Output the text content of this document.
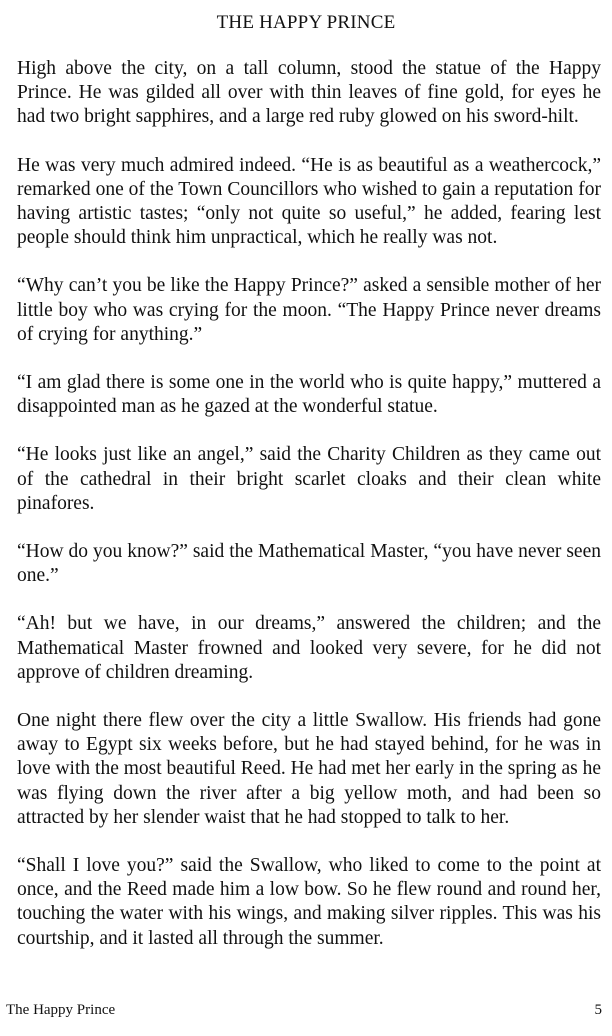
THE HAPPY PRINCE

High above the city, on a tall column, stood the statue of the Happy Prince. He was gilded all over with thin leaves of fine gold, for eyes he had two bright sapphires, and a large red ruby glowed on his sword-hilt.

He was very much admired indeed. “He is as beautiful as a weathercock,” remarked one of the Town Councillors who wished to gain a reputation for having artistic tastes; “only not quite so useful,” he added, fearing lest people should think him unpractical, which he really was not.

“Why can’t you be like the Happy Prince?” asked a sensible mother of her little boy who was crying for the moon. “The Happy Prince never dreams of crying for anything.”

“I am glad there is some one in the world who is quite happy,” muttered a disappointed man as he gazed at the wonderful statue.

“He looks just like an angel,” said the Charity Children as they came out of the cathedral in their bright scarlet cloaks and their clean white pinafores.

“How do you know?” said the Mathematical Master, “you have never seen one.”

“Ah! but we have, in our dreams,” answered the children; and the Mathematical Master frowned and looked very severe, for he did not approve of children dreaming.

One night there flew over the city a little Swallow. His friends had gone away to Egypt six weeks before, but he had stayed behind, for he was in love with the most beautiful Reed. He had met her early in the spring as he was flying down the river after a big yellow moth, and had been so attracted by her slender waist that he had stopped to talk to her.

“Shall I love you?” said the Swallow, who liked to come to the point at once, and the Reed made him a low bow. So he flew round and round her, touching the water with his wings, and making silver ripples. This was his courtship, and it lasted all through the summer.

The Happy Prince	5
